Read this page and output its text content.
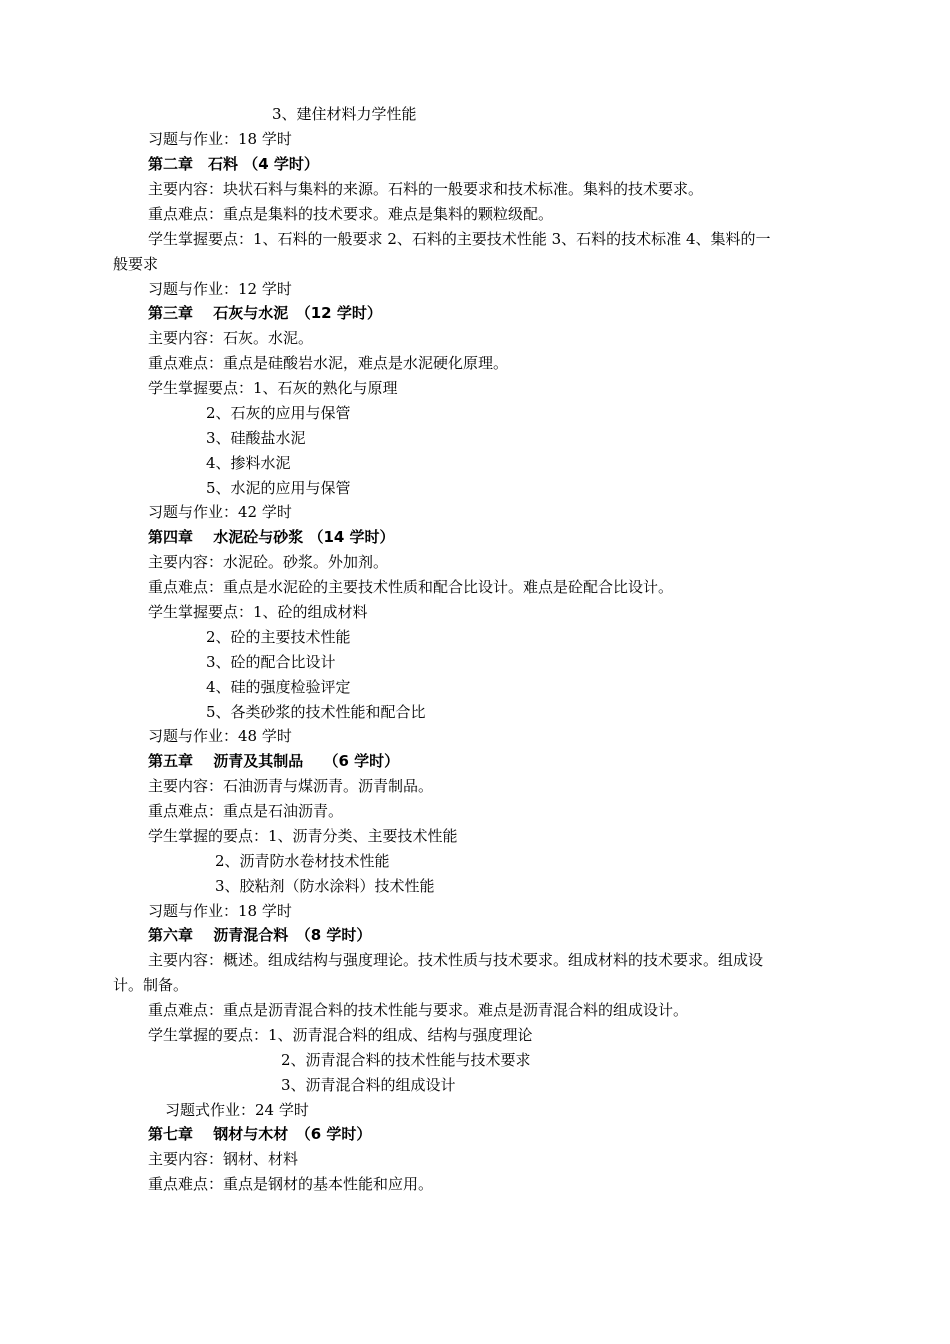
3、建住材料力学性能
习题与作业：18 学时
第二章　石料 （4 学时）
主要内容：块状石料与集料的来源。石料的一般要求和技术标准。集料的技术要求。
重点难点：重点是集料的技术要求。难点是集料的颗粒级配。
学生掌握要点：1、石料的一般要求 2、石料的主要技术性能 3、石料的技术标准 4、集料的一
般要求
习题与作业：12 学时
第三章　 石灰与水泥　（12 学时）
主要内容：石灰。水泥。
重点难点：重点是硅酸岩水泥，难点是水泥硬化原理。
学生掌握要点：1、石灰的熟化与原理
2、石灰的应用与保管
3、硅酸盐水泥
4、掺料水泥
5、水泥的应用与保管
习题与作业：42 学时
第四章　 水泥砼与砂浆 （14 学时）
主要内容：水泥砼。砂浆。外加剂。
重点难点：重点是水泥砼的主要技术性质和配合比设计。难点是砼配合比设计。
学生掌握要点：1、砼的组成材料
2、砼的主要技术性能
3、砼的配合比设计
4、硅的强度检验评定
5、各类砂浆的技术性能和配合比
习题与作业：48 学时
第五章　 沥青及其制品　 （6 学时）
主要内容：石油沥青与煤沥青。沥青制品。
重点难点：重点是石油沥青。
学生掌握的要点：1、沥青分类、主要技术性能
2、沥青防水卷材技术性能
3、胶粘剂（防水涂料）技术性能
习题与作业：18 学时
第六章　 沥青混合料　（8 学时）
主要内容：概述。组成结构与强度理论。技术性质与技术要求。组成材料的技术要求。组成设
计。制备。
重点难点：重点是沥青混合料的技术性能与要求。难点是沥青混合料的组成设计。
学生掌握的要点：1、沥青混合料的组成、结构与强度理论
2、沥青混合料的技术性能与技术要求
3、沥青混合料的组成设计
习题式作业：24 学时
第七章　 钢材与木材　（6 学时）
主要内容：钢材、材料
重点难点：重点是钢材的基本性能和应用。
